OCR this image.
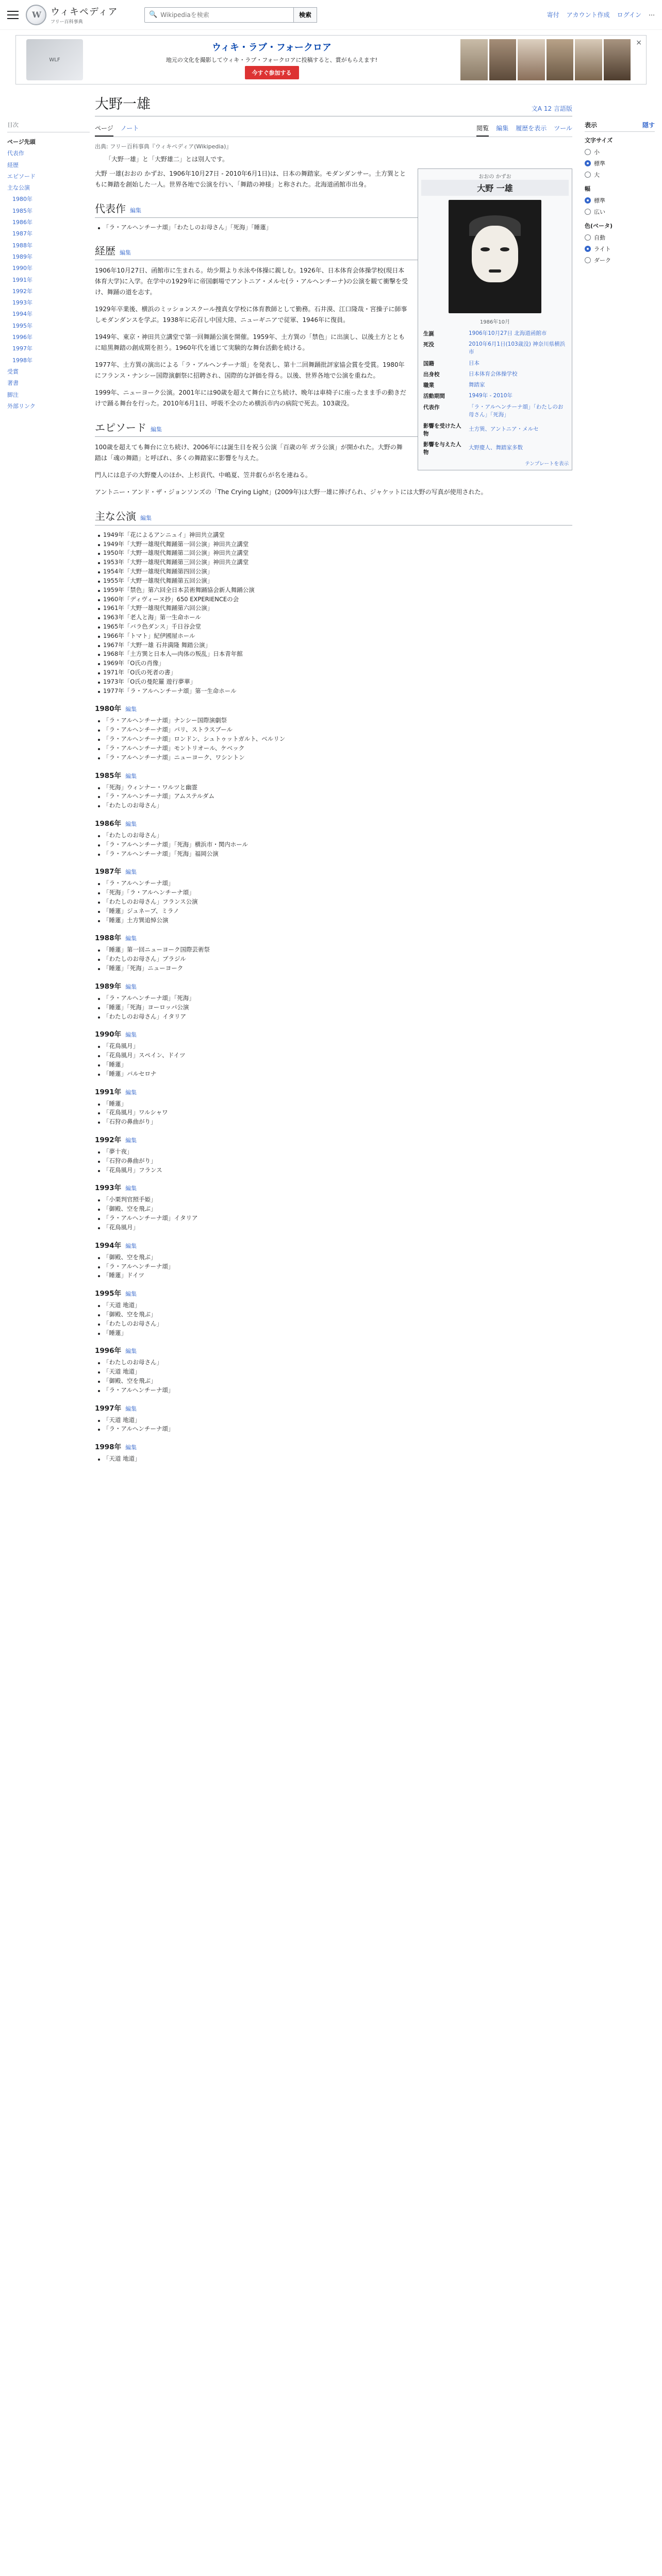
W
ウィキペディア
フリー百科事典
🔍
Wikipediaを検索	検索	寄付 アカウント作成 ログイン ⋯
WLF
ウィキ・ラブ・フォークロア
地元の文化を撮影してウィキ・ラブ・フォークロアに投稿すると、賞がもらえます!
今すぐ参加する
×
目次
ページ先頭
代表作
経歴
エピソード
主な公演
1980年
1985年
1986年
1987年
1988年
1989年
1990年
1991年
1992年
1993年
1994年
1995年
1996年
1997年
1998年
受賞
著書
脚注
外部リンク
大野一雄	文A 12 言語版
ページ ノート	閲覧 編集 履歴を表示 ツール
出典: フリー百科事典『ウィキペディア(Wikipedia)』
「大野一雄」と「大野雄二」とは別人です。
おおの かずお
大野 一雄
1986年10月
生誕	1906年10月27日 北海道函館市
死没	2010年6月1日(103歳没) 神奈川県横浜市
国籍	日本
出身校	日本体育会体操学校
職業	舞踏家
活動期間	1949年 - 2010年
代表作	「ラ・アルヘンチーナ頌」「わたしのお母さん」「死海」
影響を受けた人物	土方巽、アントニア・メルセ
影響を与えた人物	大野慶人、舞踏家多数
テンプレートを表示

大野 一雄(おおの かずお、1906年10月27日 - 2010年6月1日)は、日本の舞踏家。モダンダンサー。土方巽とともに舞踏を創始した一人。世界各地で公演を行い、「舞踏の神様」と称された。北海道函館市出身。

代表作 編集
「ラ・アルヘンチーナ頌」「わたしのお母さん」「死海」「睡蓮」
経歴 編集

1906年10月27日、函館市に生まれる。幼少期より水泳や体操に親しむ。1926年、日本体育会体操学校(現日本体育大学)に入学。在学中の1929年に帝国劇場でアントニア・メルセ(ラ・アルヘンチーナ)の公演を観て衝撃を受け、舞踊の道を志す。

1929年卒業後、横浜のミッションスクール捜真女学校に体育教師として勤務。石井漠、江口隆哉・宮操子に師事しモダンダンスを学ぶ。1938年に応召し中国大陸、ニューギニアで従軍、1946年に復員。

1949年、東京・神田共立講堂で第一回舞踊公演を開催。1959年、土方巽の「禁色」に出演し、以後土方とともに暗黒舞踏の創成期を担う。1960年代を通じて実験的な舞台活動を続ける。

1977年、土方巽の演出による「ラ・アルヘンチーナ頌」を発表し、第十二回舞踊批評家協会賞を受賞。1980年にフランス・ナンシー国際演劇祭に招聘され、国際的な評価を得る。以後、世界各地で公演を重ねた。

1999年、ニューヨーク公演。2001年には90歳を超えて舞台に立ち続け、晩年は車椅子に座ったまま手の動きだけで踊る舞台を行った。2010年6月1日、呼吸不全のため横浜市内の病院で死去。103歳没。

エピソード 編集

100歳を超えても舞台に立ち続け、2006年には誕生日を祝う公演「百歳の年 ガラ公演」が開かれた。大野の舞踏は「魂の舞踏」と呼ばれ、多くの舞踏家に影響を与えた。

門人には息子の大野慶人のほか、上杉貢代、中嶋夏、笠井叡らが名を連ねる。

アントニー・アンド・ザ・ジョンソンズの「The Crying Light」(2009年)は大野一雄に捧げられ、ジャケットには大野の写真が使用された。

主な公演 編集
1949年「花によるアンニュイ」神田共立講堂
1949年「大野一雄現代舞踊第一回公演」神田共立講堂
1950年「大野一雄現代舞踊第二回公演」神田共立講堂
1953年「大野一雄現代舞踊第三回公演」神田共立講堂
1954年「大野一雄現代舞踊第四回公演」
1955年「大野一雄現代舞踊第五回公演」
1959年「禁色」第六回全日本芸術舞踊協会新人舞踊公演
1960年「ディヴィーヌ抄」650 EXPERIENCEの会
1961年「大野一雄現代舞踊第六回公演」
1963年「老人と海」第一生命ホール
1965年「バラ色ダンス」千日谷会堂
1966年「トマト」紀伊國屋ホール
1967年「大野一雄 石井満隆 舞踏公演」
1968年「土方巽と日本人―肉体の叛乱」日本青年館
1969年「O氏の肖像」
1971年「O氏の死者の書」
1973年「O氏の曼陀羅 遊行夢華」
1977年「ラ・アルヘンチーナ頌」第一生命ホール
1980年 編集
「ラ・アルヘンチーナ頌」ナンシー国際演劇祭
「ラ・アルヘンチーナ頌」パリ、ストラスブール
「ラ・アルヘンチーナ頌」ロンドン、シュトゥットガルト、ベルリン
「ラ・アルヘンチーナ頌」モントリオール、ケベック
「ラ・アルヘンチーナ頌」ニューヨーク、ワシントン
1985年 編集
「死海」ウィンナー・ワルツと幽霊
「ラ・アルヘンチーナ頌」アムステルダム
「わたしのお母さん」
1986年 編集
「わたしのお母さん」
「ラ・アルヘンチーナ頌」「死海」横浜市・関内ホール
「ラ・アルヘンチーナ頌」「死海」福岡公演
1987年 編集
「ラ・アルヘンチーナ頌」
「死海」「ラ・アルヘンチーナ頌」
「わたしのお母さん」フランス公演
「睡蓮」ジュネーブ、ミラノ
「睡蓮」土方巽追悼公演
1988年 編集
「睡蓮」第一回ニューヨーク国際芸術祭
「わたしのお母さん」ブラジル
「睡蓮」「死海」ニューヨーク
1989年 編集
「ラ・アルヘンチーナ頌」「死海」
「睡蓮」「死海」ヨーロッパ公演
「わたしのお母さん」イタリア
1990年 編集
「花鳥風月」
「花鳥風月」スペイン、ドイツ
「睡蓮」
「睡蓮」バルセロナ
1991年 編集
「睡蓮」
「花鳥風月」ワルシャワ
「石狩の鼻曲がり」
1992年 編集
「夢十夜」
「石狩の鼻曲がり」
「花鳥風月」フランス
1993年 編集
「小栗判官照手姫」
「御殿、空を飛ぶ」
「ラ・アルヘンチーナ頌」イタリア
「花鳥風月」
1994年 編集
「御殿、空を飛ぶ」
「ラ・アルヘンチーナ頌」
「睡蓮」ドイツ
1995年 編集
「天道 地道」
「御殿、空を飛ぶ」
「わたしのお母さん」
「睡蓮」
1996年 編集
「わたしのお母さん」
「天道 地道」
「御殿、空を飛ぶ」
「ラ・アルヘンチーナ頌」
1997年 編集
「天道 地道」
「ラ・アルヘンチーナ頌」
1998年 編集
「天道 地道」
表示	隠す
文字サイズ
小
標準
大
幅
標準
広い
色(ベータ)
自動
ライト
ダーク
